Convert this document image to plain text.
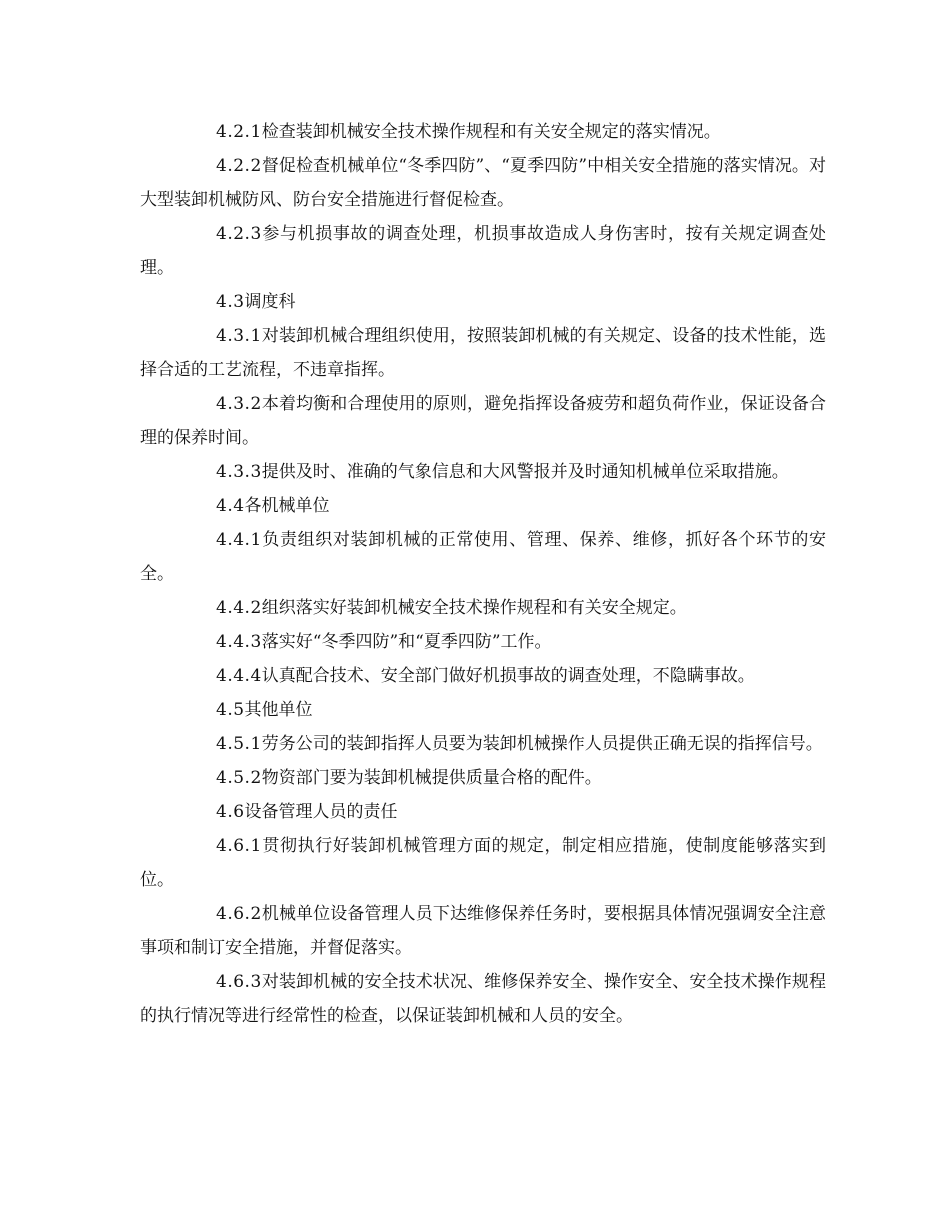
4.2.1检查装卸机械安全技术操作规程和有关安全规定的落实情况。

4.2.2督促检查机械单位“冬季四防”、“夏季四防”中相关安全措施的落实情况。对大型装卸机械防风、防台安全措施进行督促检查。

4.2.3参与机损事故的调查处理，机损事故造成人身伤害时，按有关规定调查处理。

4.3调度科

4.3.1对装卸机械合理组织使用，按照装卸机械的有关规定、设备的技术性能，选择合适的工艺流程，不违章指挥。

4.3.2本着均衡和合理使用的原则，避免指挥设备疲劳和超负荷作业，保证设备合理的保养时间。

4.3.3提供及时、准确的气象信息和大风警报并及时通知机械单位采取措施。

4.4各机械单位

4.4.1负责组织对装卸机械的正常使用、管理、保养、维修，抓好各个环节的安全。

4.4.2组织落实好装卸机械安全技术操作规程和有关安全规定。

4.4.3落实好“冬季四防”和“夏季四防”工作。

4.4.4认真配合技术、安全部门做好机损事故的调查处理，不隐瞒事故。

4.5其他单位

4.5.1劳务公司的装卸指挥人员要为装卸机械操作人员提供正确无误的指挥信号。

4.5.2物资部门要为装卸机械提供质量合格的配件。

4.6设备管理人员的责任

4.6.1贯彻执行好装卸机械管理方面的规定，制定相应措施，使制度能够落实到位。

4.6.2机械单位设备管理人员下达维修保养任务时，要根据具体情况强调安全注意事项和制订安全措施，并督促落实。

4.6.3对装卸机械的安全技术状况、维修保养安全、操作安全、安全技术操作规程的执行情况等进行经常性的检查，以保证装卸机械和人员的安全。
